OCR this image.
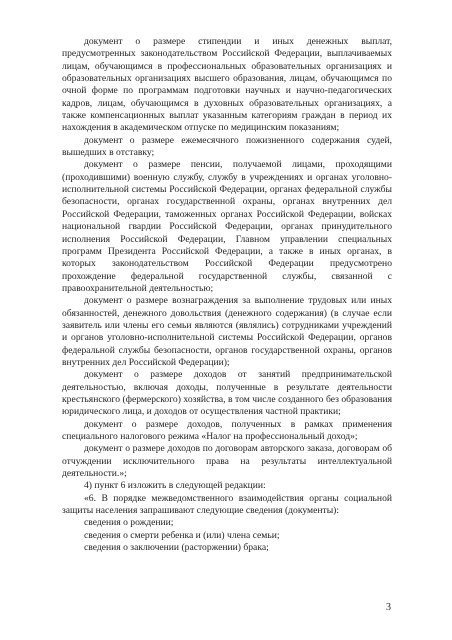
документ о размере стипендии и иных денежных выплат, предусмотренных законодательством Российской Федерации, выплачиваемых лицам, обучающимся в профессиональных образовательных организациях и образовательных организациях высшего образования, лицам, обучающимся по очной форме по программам подготовки научных и научно-педагогических кадров, лицам, обучающимся в духовных образовательных организациях, а также компенсационных выплат указанным категориям граждан в период их нахождения в академическом отпуске по медицинским показаниям;

документ о размере ежемесячного пожизненного содержания судей, вышедших в отставку;

документ о размере пенсии, получаемой лицами, проходящими (проходившими) военную службу, службу в учреждениях и органах уголовно-исполнительной системы Российской Федерации, органах федеральной службы безопасности, органах государственной охраны, органах внутренних дел Российской Федерации, таможенных органах Российской Федерации, войсках национальной гвардии Российской Федерации, органах принудительного исполнения Российской Федерации, Главном управлении специальных программ Президента Российской Федерации, а также в иных органах, в которых законодательством Российской Федерации предусмотрено прохождение федеральной государственной службы, связанной с правоохранительной деятельностью;

документ о размере вознаграждения за выполнение трудовых или иных обязанностей, денежного довольствия (денежного содержания) (в случае если заявитель или члены его семьи являются (являлись) сотрудниками учреждений и органов уголовно-исполнительной системы Российской Федерации, органов федеральной службы безопасности, органов государственной охраны, органов внутренних дел Российской Федерации);

документ о размере доходов от занятий предпринимательской деятельностью, включая доходы, полученные в результате деятельности крестьянского (фермерского) хозяйства, в том числе созданного без образования юридического лица, и доходов от осуществления частной практики;

документ о размере доходов, полученных в рамках применения специального налогового режима «Налог на профессиональный доход»;

документ о размере доходов по договорам авторского заказа, договорам об отчуждении исключительного права на результаты интеллектуальной деятельности.»;

4) пункт 6 изложить в следующей редакции:

«6. В порядке межведомственного взаимодействия органы социальной защиты населения запрашивают следующие сведения (документы):

сведения о рождении;

сведения о смерти ребенка и (или) члена семьи;

сведения о заключении (расторжении) брака;

3
